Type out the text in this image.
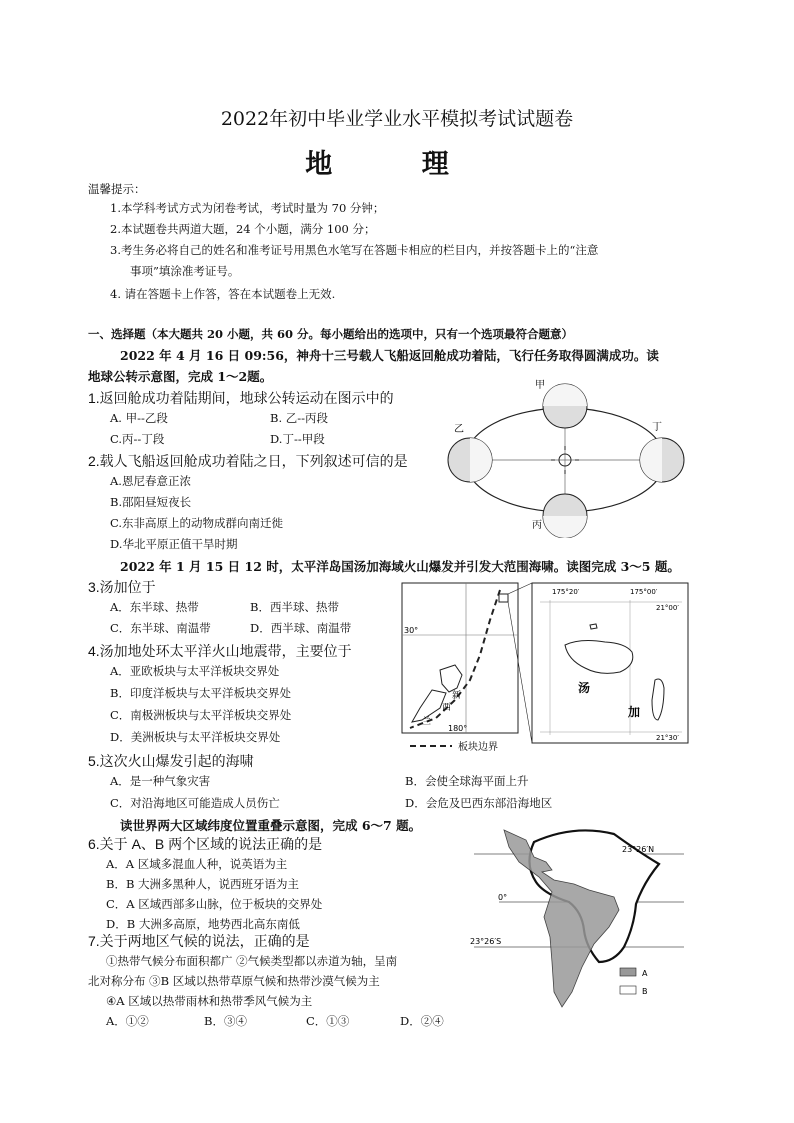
2022年初中毕业学业水平模拟考试试题卷
地 理
温馨提示：
1.本学科考试方式为闭卷考试，考试时量为 70 分钟；
2.本试题卷共两道大题，24 个小题，满分 100 分；
3.考生务必将自己的姓名和准考证号用黑色水笔写在答题卡相应的栏目内，并按答题卡上的“注意
事项”填涂准考证号。
4. 请在答题卡上作答，答在本试题卷上无效.
一、选择题（本大题共 20 小题，共 60 分。每小题给出的选项中，只有一个选项最符合题意）
2022 年 4 月 16 日 09:56，神舟十三号载人飞船返回舱成功着陆，飞行任务取得圆满成功。读
地球公转示意图，完成 1～2题。
1.返回舱成功着陆期间，地球公转运动在图示中的
A. 甲--乙段	B. 乙--丙段
C.丙--丁段	D.丁--甲段
2.载人飞船返回舱成功着陆之日，下列叙述可信的是
A.恩尼春意正浓
B.邵阳昼短夜长
C.东非高原上的动物成群向南迁徙
D.华北平原正值干旱时期
甲
乙
丙
丁
2022 年 1 月 15 日 12 时，太平洋岛国汤加海域火山爆发并引发大范围海啸。读图完成 3～5 题。
3.汤加位于
A．东半球、热带	B．西半球、热带
C．东半球、南温带	D．西半球、南温带
4.汤加地处环太平洋火山地震带，主要位于
A．亚欧板块与太平洋板块交界处
B．印度洋板块与太平洋板块交界处
C．南极洲板块与太平洋板块交界处
D．美洲板块与太平洋板块交界处
30°
180°
新
西
兰
175°20′	175°00′
21°00′
21°30′
汤
加
板块边界
5.这次火山爆发引起的海啸
A．是一种气象灾害	B．会使全球海平面上升
C．对沿海地区可能造成人员伤亡	D．会危及巴西东部沿海地区
读世界两大区域纬度位置重叠示意图，完成 6～7 题。
6.关于 A、B 两个区域的说法正确的是
A．A 区域多混血人种，说英语为主
B．B 大洲多黑种人，说西班牙语为主
C．A 区域西部多山脉，位于板块的交界处
D．B 大洲多高原，地势西北高东南低
7.关于两地区气候的说法，正确的是
①热带气候分布面积都广 ②气候类型都以赤道为轴，呈南
北对称分布 ③B 区域以热带草原气候和热带沙漠气候为主
④A 区域以热带雨林和热带季风气候为主
A．①②	B．③④	C．①③	D．②④
23°26′N
0°
23°26′S
A
B
